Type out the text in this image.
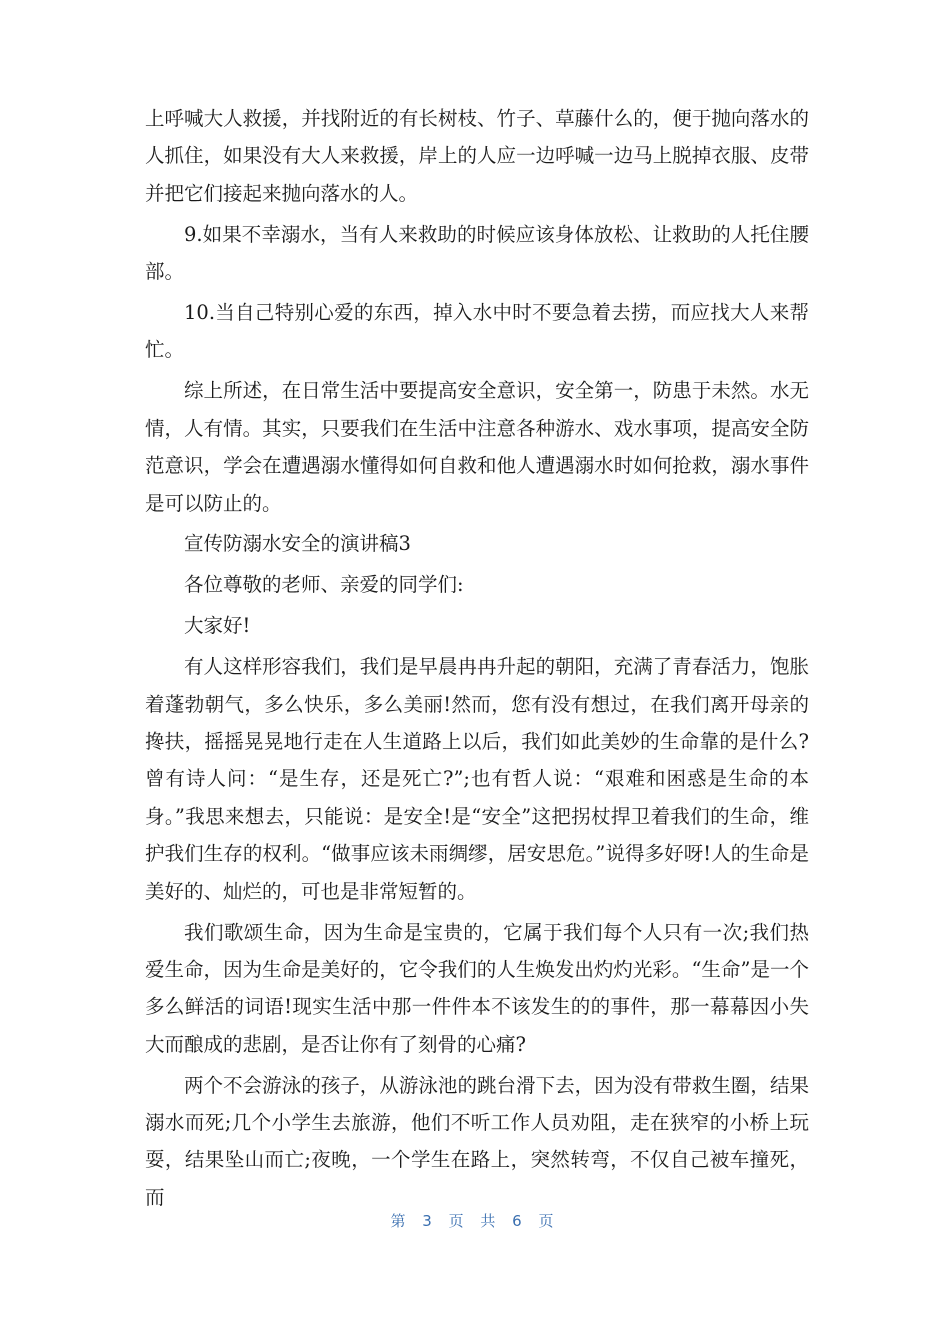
上呼喊大人救援，并找附近的有长树枝、竹子、草藤什么的，便于抛向落水的人抓住，如果没有大人来救援，岸上的人应一边呼喊一边马上脱掉衣服、皮带并把它们接起来抛向落水的人。

9.如果不幸溺水，当有人来救助的时候应该身体放松、让救助的人托住腰部。

10.当自己特别心爱的东西，掉入水中时不要急着去捞，而应找大人来帮忙。

综上所述，在日常生活中要提高安全意识，安全第一，防患于未然。水无情，人有情。其实，只要我们在生活中注意各种游水、戏水事项，提高安全防范意识，学会在遭遇溺水懂得如何自救和他人遭遇溺水时如何抢救，溺水事件是可以防止的。

宣传防溺水安全的演讲稿3

各位尊敬的老师、亲爱的同学们:

大家好!

有人这样形容我们，我们是早晨冉冉升起的朝阳，充满了青春活力，饱胀着蓬勃朝气，多么快乐，多么美丽!然而，您有没有想过，在我们离开母亲的搀扶，摇摇晃晃地行走在人生道路上以后，我们如此美妙的生命靠的是什么?曾有诗人问：“是生存，还是死亡?”;也有哲人说：“艰难和困惑是生命的本身。”我思来想去，只能说：是安全!是“安全”这把拐杖捍卫着我们的生命，维护我们生存的权利。“做事应该未雨绸缪，居安思危。”说得多好呀!人的生命是美好的、灿烂的，可也是非常短暂的。

我们歌颂生命，因为生命是宝贵的，它属于我们每个人只有一次;我们热爱生命，因为生命是美好的，它令我们的人生焕发出灼灼光彩。“生命”是一个多么鲜活的词语!现实生活中那一件件本不该发生的的事件，那一幕幕因小失大而酿成的悲剧，是否让你有了刻骨的心痛?

两个不会游泳的孩子，从游泳池的跳台滑下去，因为没有带救生圈，结果溺水而死;几个小学生去旅游，他们不听工作人员劝阻，走在狭窄的小桥上玩耍，结果坠山而亡;夜晚，一个学生在路上，突然转弯，不仅自己被车撞死，而

第 3 页 共 6 页
